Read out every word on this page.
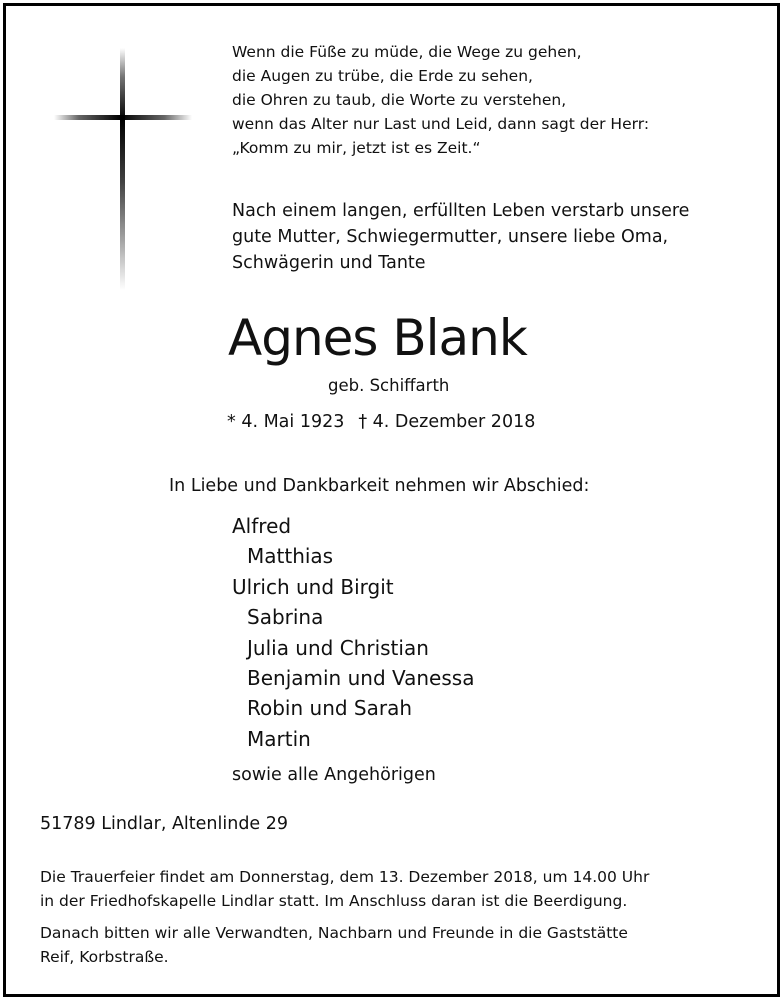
Wenn die Füße zu müde, die Wege zu gehen,
die Augen zu trübe, die Erde zu sehen,
die Ohren zu taub, die Worte zu verstehen,
wenn das Alter nur Last und Leid, dann sagt der Herr:
„Komm zu mir, jetzt ist es Zeit.“
Nach einem langen, erfüllten Leben verstarb unsere
gute Mutter, Schwiegermutter, unsere liebe Oma,
Schwägerin und Tante
Agnes Blank
geb. Schiffarth
* 4. Mai 1923 † 4. Dezember 2018
In Liebe und Dankbarkeit nehmen wir Abschied:
Alfred
Matthias
Ulrich und Birgit
Sabrina
Julia und Christian
Benjamin und Vanessa
Robin und Sarah
Martin
sowie alle Angehörigen
51789 Lindlar, Altenlinde 29
Die Trauerfeier findet am Donnerstag, dem 13. Dezember 2018, um 14.00 Uhr
in der Friedhofskapelle Lindlar statt. Im Anschluss daran ist die Beerdigung.
Danach bitten wir alle Verwandten, Nachbarn und Freunde in die Gaststätte
Reif, Korbstraße.
